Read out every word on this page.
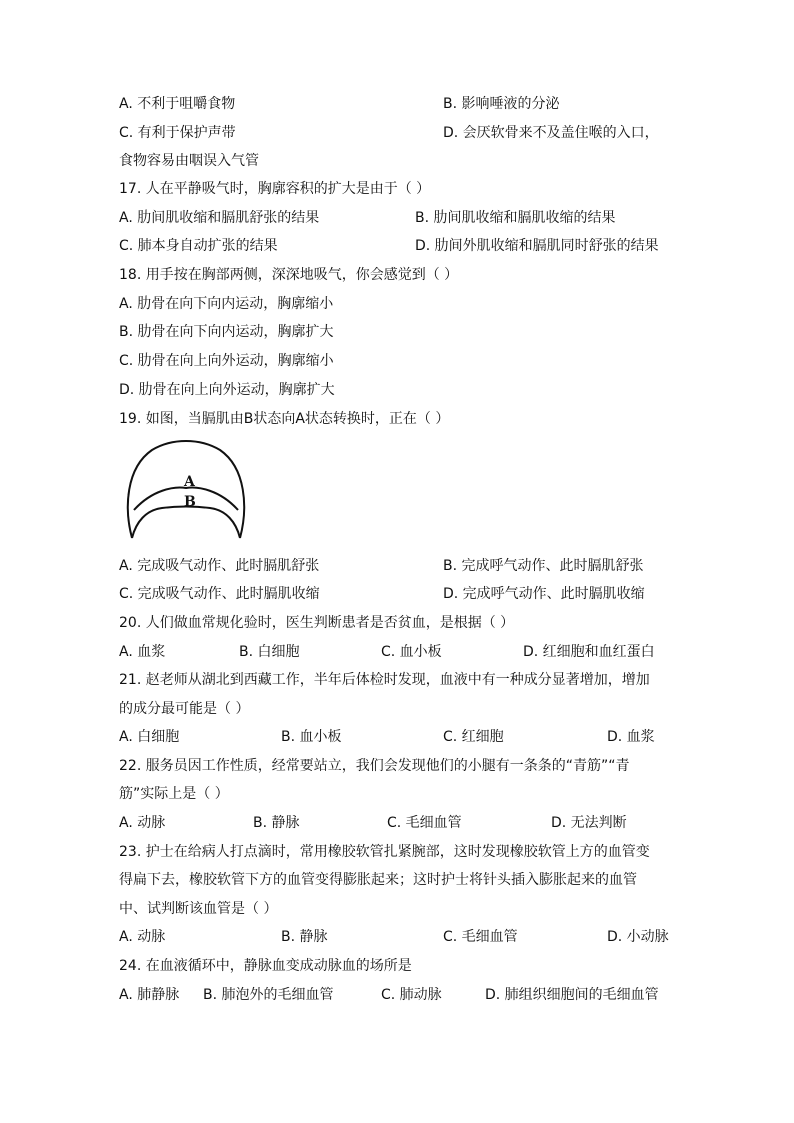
A. 不利于咀嚼食物	B. 影响唾液的分泌
C. 有利于保护声带	D. 会厌软骨来不及盖住喉的入口，
食物容易由咽误入气管
17. 人在平静吸气时，胸廓容积的扩大是由于（ ）
A. 肋间肌收缩和膈肌舒张的结果	B. 肋间肌收缩和膈肌收缩的结果
C. 肺本身自动扩张的结果	D. 肋间外肌收缩和膈肌同时舒张的结果
18. 用手按在胸部两侧，深深地吸气，你会感觉到（ ）
A. 肋骨在向下向内运动，胸廓缩小
B. 肋骨在向下向内运动，胸廓扩大
C. 肋骨在向上向外运动，胸廓缩小
D. 肋骨在向上向外运动，胸廓扩大
19. 如图，当膈肌由B状态向A状态转换时，正在（ ）
A
B
A. 完成吸气动作、此时膈肌舒张	B. 完成呼气动作、此时膈肌舒张
C. 完成吸气动作、此时膈肌收缩	D. 完成呼气动作、此时膈肌收缩
20. 人们做血常规化验时，医生判断患者是否贫血，是根据（ ）
A. 血浆	B. 白细胞	C. 血小板	D. 红细胞和血红蛋白
21. 赵老师从湖北到西藏工作，半年后体检时发现，血液中有一种成分显著增加，增加
的成分最可能是（ ）
A. 白细胞	B. 血小板	C. 红细胞	D. 血浆
22. 服务员因工作性质，经常要站立，我们会发现他们的小腿有一条条的“青筋”“青
筋”实际上是（ ）
A. 动脉	B. 静脉	C. 毛细血管	D. 无法判断
23. 护士在给病人打点滴时，常用橡胶软管扎紧腕部，这时发现橡胶软管上方的血管变
得扁下去，橡胶软管下方的血管变得膨胀起来；这时护士将针头插入膨胀起来的血管
中、试判断该血管是（ ）
A. 动脉	B. 静脉	C. 毛细血管	D. 小动脉
24. 在血液循环中，静脉血变成动脉血的场所是
A. 肺静脉 B. 肺泡外的毛细血管	C. 肺动脉	D. 肺组织细胞间的毛细血管
